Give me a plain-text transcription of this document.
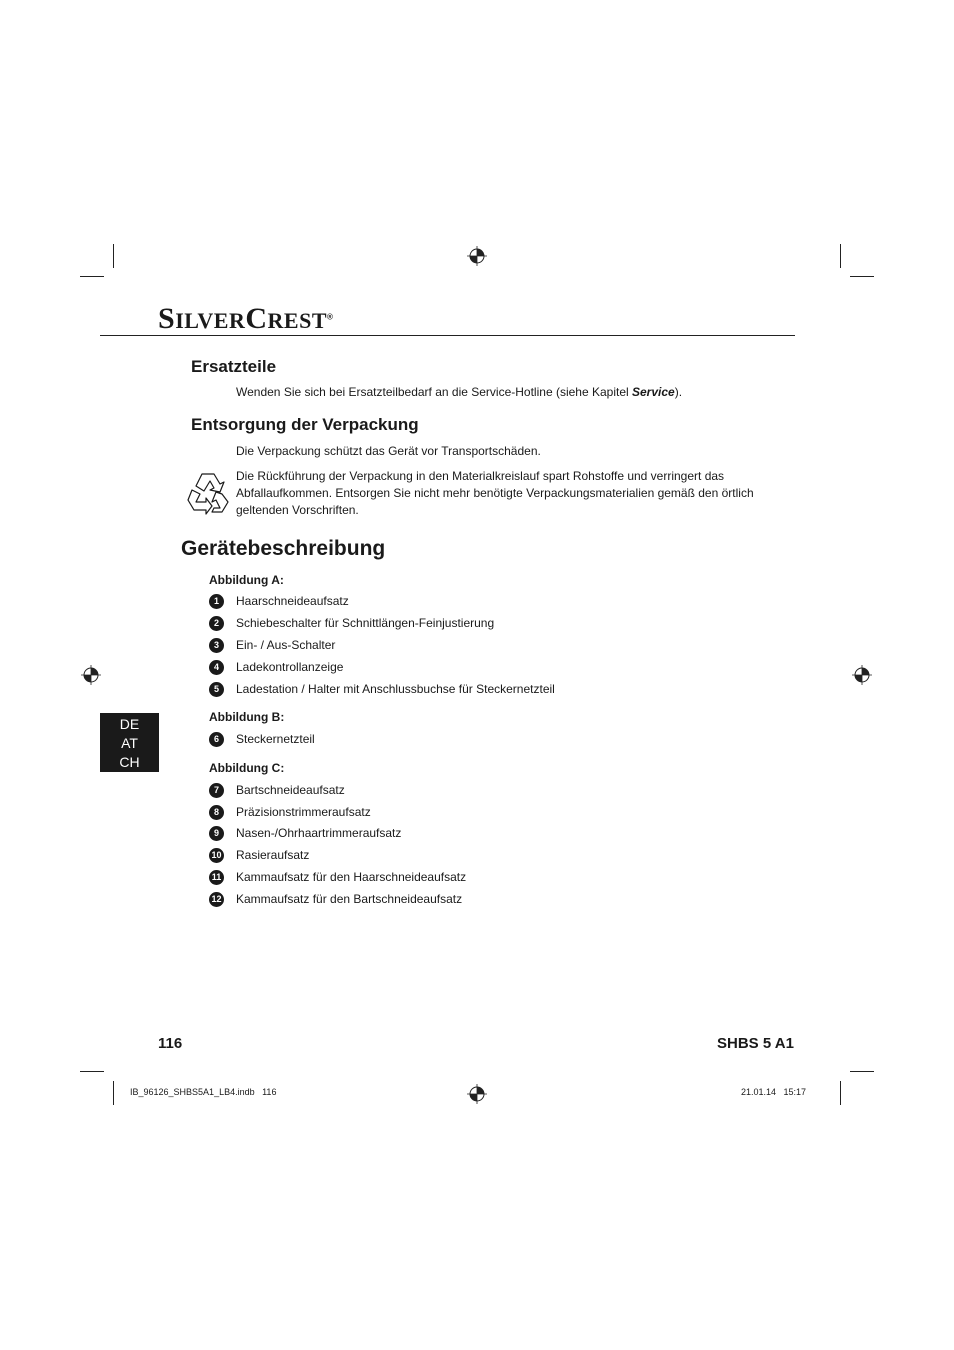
SILVERCREST®
Ersatzteile
Wenden Sie sich bei Ersatzteilbedarf an die Service-Hotline (siehe Kapitel Service).
Entsorgung der Verpackung
Die Verpackung schützt das Gerät vor Transportschäden.
Die Rückführung der Verpackung in den Materialkreislauf spart Rohstoffe und verringert das Abfallaufkommen. Entsorgen Sie nicht mehr benötigte Verpackungsmaterialien gemäß den örtlich geltenden Vorschriften.
Gerätebeschreibung
Abbildung A:
1	Haarschneideaufsatz
2	Schiebeschalter für Schnittlängen-Feinjustierung
3	Ein- / Aus-Schalter
4	Ladekontrollanzeige
5	Ladestation / Halter mit Anschlussbuchse für Steckernetzteil
DE
AT
CH
Abbildung B:
6	Steckernetzteil
Abbildung C:
7	Bartschneideaufsatz
8	Präzisionstrimmeraufsatz
9	Nasen-/Ohrhaartrimmeraufsatz
10 Rasieraufsatz
11 Kammaufsatz für den Haarschneideaufsatz
12 Kammaufsatz für den Bartschneideaufsatz
116	SHBS 5 A1
IB_96126_SHBS5A1_LB4.indb   116	21.01.14   15:17
